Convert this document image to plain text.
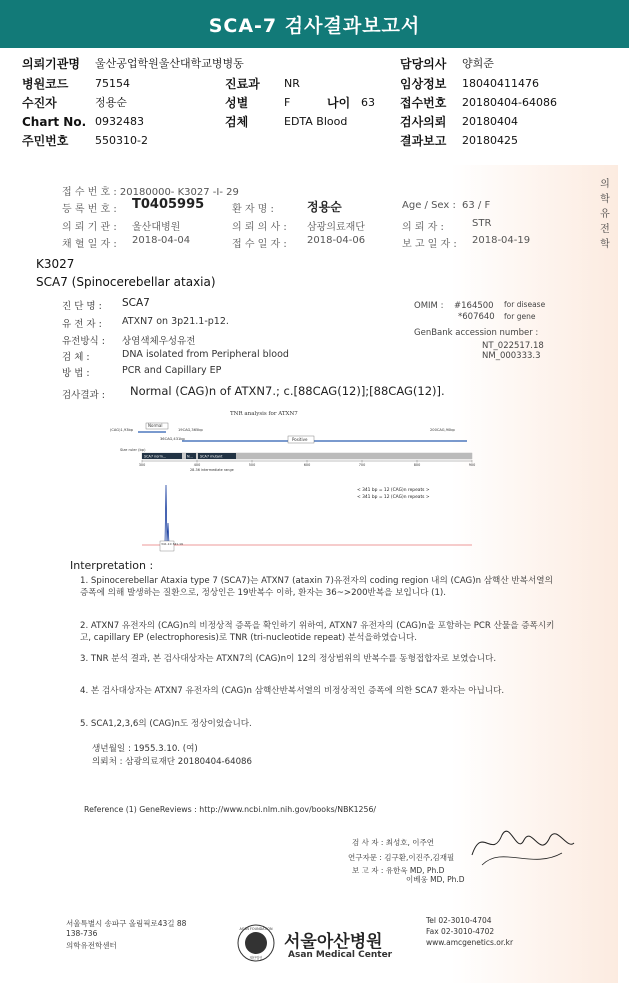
SCA-7 검사결과보고서
의뢰기관명 울산공업학원울산대학교병병동	담당의사 양희준
병원코드 75154	진료과 NR	임상정보 18040411476
수진자	정용순	성별	F	나이 63 접수번호 20180404-64086
Chart No. 0932483	검체	EDTA Blood	검사의뢰 20180404
주민번호 550310-2	결과보고 20180425
의
학
유
전
학
접 수 번 호 : 20180000- K3027 -I- 29
등 록 번 호 : T0405995	환 자 명 :	정용순	Age / Sex : 63 / F
의 뢰 기 관 : 울산대병원	의 뢰 의 사 : 삼광의료재단	의 뢰 자 :	STR
채 혈 일 자 : 2018-04-04	접 수 일 자 : 2018-04-06	보 고 일 자 : 2018-04-19
K3027
SCA7 (Spinocerebellar ataxia)
진 단 명 : SCA7
유 전 자 : ATXN7 on 3p21.1-p12.
유전방식 : 상염색체우성유전
검 체 :	DNA isolated from Peripheral blood
방 법 :	PCR and Capillary EP
OMIM : #164500 for disease
*607640 for gene
GenBank accession number :
NT_022517.18
NM_000333.3
검사결과 : Normal (CAG)n of ATXN7.; c.[88CAG(12)];[88CAG(12)].
TNR analysis for ATXN7
(CAG)1,93bp
Normal
19CAG,365bp
36CAG,431bp	Positive
200CAG,90bp
Size ruler (bp)
SCA7 norm...	N... SCA7 mutant
300	400	500	600	700	800	900
28-36 intermediate range
< 341 bp = 12 (CAG)n repeats >
< 341 bp = 12 (CAG)n repeats >
341.10 341.19
Interpretation :

1. Spinocerebellar Ataxia type 7 (SCA7)는 ATXN7 (ataxin 7)유전자의 coding region 내의 (CAG)n 삼핵산 반복서열의 증폭에 의해 발생하는 질환으로, 정상인은 19반복수 이하, 환자는 36~>200반복을 보입니다 (1).

2. ATXN7 유전자의 (CAG)n의 비정상적 증폭을 확인하기 위하여, ATXN7 유전자의 (CAG)n을 포함하는 PCR 산물을 증폭시키고, capillary EP (electrophoresis)로 TNR (tri-nucleotide repeat) 분석을하였습니다.

3. TNR 분석 결과, 본 검사대상자는 ATXN7의 (CAG)n이 12의 정상범위의 반복수를 동형접합자로 보였습니다.

4. 본 검사대상자는 ATXN7 유전자의 (CAG)n 삼핵산반복서열의 비정상적인 증폭에 의한 SCA7 환자는 아닙니다.

5. SCA1,2,3,6의 (CAG)n도 정상이었습니다.

생년월일 : 1955.3.10. (여)
의뢰처 : 삼광의료재단 20180404-64086
Reference (1) GeneReviews : http://www.ncbi.nlm.nih.gov/books/NBK1256/
검 사 자 : 최성호, 이주연
연구자문 : 김구환,이진주,김재필
보 고 자 : 유한욱 MD, Ph.D
이베웅 MD, Ph.D
서울특별시 송파구 올림픽로43길 88
138-736
의학유전학센터
ASAN FOUNDATION
재단법인
서울아산병원
Asan Medical Center
Tel 02-3010-4704
Fax 02-3010-4702
www.amcgenetics.or.kr
